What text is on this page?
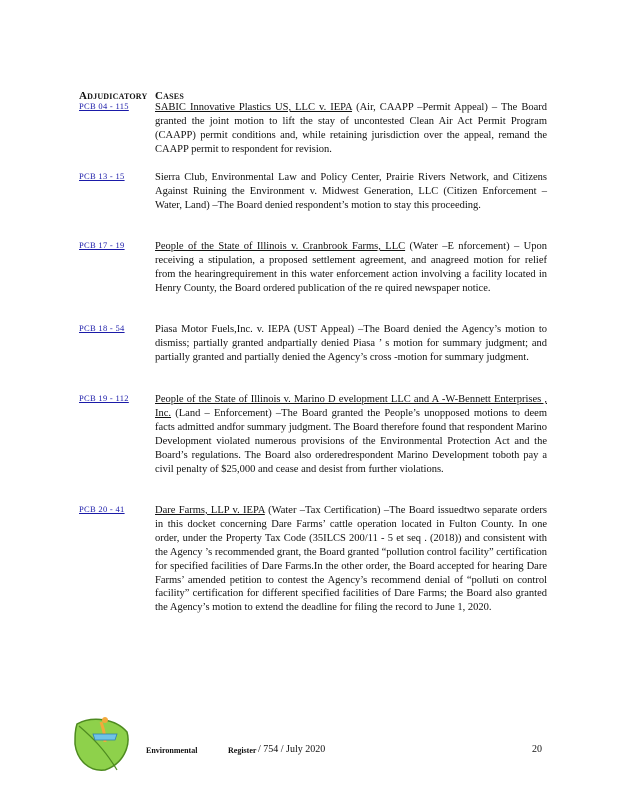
ADJUDICATORY CASES
PCB 04 - 115	SABIC Innovative Plastics US, LLC v. IEPA (Air, CAAPP –Permit Appeal) – The Board granted the joint motion to lift the stay of uncontested Clean Air Act Permit Program (CAAPP) permit conditions and, while retaining jurisdiction over the appeal, remand the CAAPP permit to respondent for revision.

PCB 13 - 15	Sierra Club, Environmental Law and Policy Center, Prairie Rivers Network, and Citizens Against Ruining the Environment v. Midwest Generation, LLC (Citizen Enforcement – Water, Land) –The Board denied respondent’s motion to stay this proceeding.

PCB 17 - 19	People of the State of Illinois v. Cranbrook Farms, LLC (Water –E nforcement) – Upon receiving a stipulation, a proposed settlement agreement, and anagreed motion for relief from the hearingrequirement in this water enforcement action involving a facility located in Henry County, the Board ordered publication of the re quired newspaper notice.

PCB 18 - 54	Piasa Motor Fuels,Inc. v. IEPA (UST Appeal) –The Board denied the Agency’s motion to dismiss; partially granted andpartially denied Piasa ’ s motion for summary judgment; and partially granted and partially denied the Agency’s cross -motion for summary judgment.

PCB 19 - 112	People of the State of Illinois v. Marino D evelopment LLC and A -W-Bennett Enterprises , Inc. (Land – Enforcement) –The Board granted the People’s unopposed motions to deem facts admitted andfor summary judgment. The Board therefore found that respondent Marino Development violated numerous provisions of the Environmental Protection Act and the Board’s regulations. The Board also orderedrespondent Marino Development toboth pay a civil penalty of $25,000 and cease and desist from further violations.

PCB 20 - 41	Dare Farms, LLP v. IEPA (Water –Tax Certification) –The Board issuedtwo separate orders in this docket concerning Dare Farms’ cattle operation located in Fulton County. In one order, under the Property Tax Code (35ILCS 200/11 - 5 et seq . (2018)) and consistent with the Agency ’s recommended grant, the Board granted “pollution control facility” certification for specified facilities of Dare Farms.In the other order, the Board accepted for hearing Dare Farms’ amended petition to contest the Agency’s recommend denial of “polluti on control facility” certification for different specified facilities of Dare Farms; the Board also granted the Agency’s motion to extend the deadline for filing the record to June 1, 2020.

Environmental	Register / 754 / July 2020	20
